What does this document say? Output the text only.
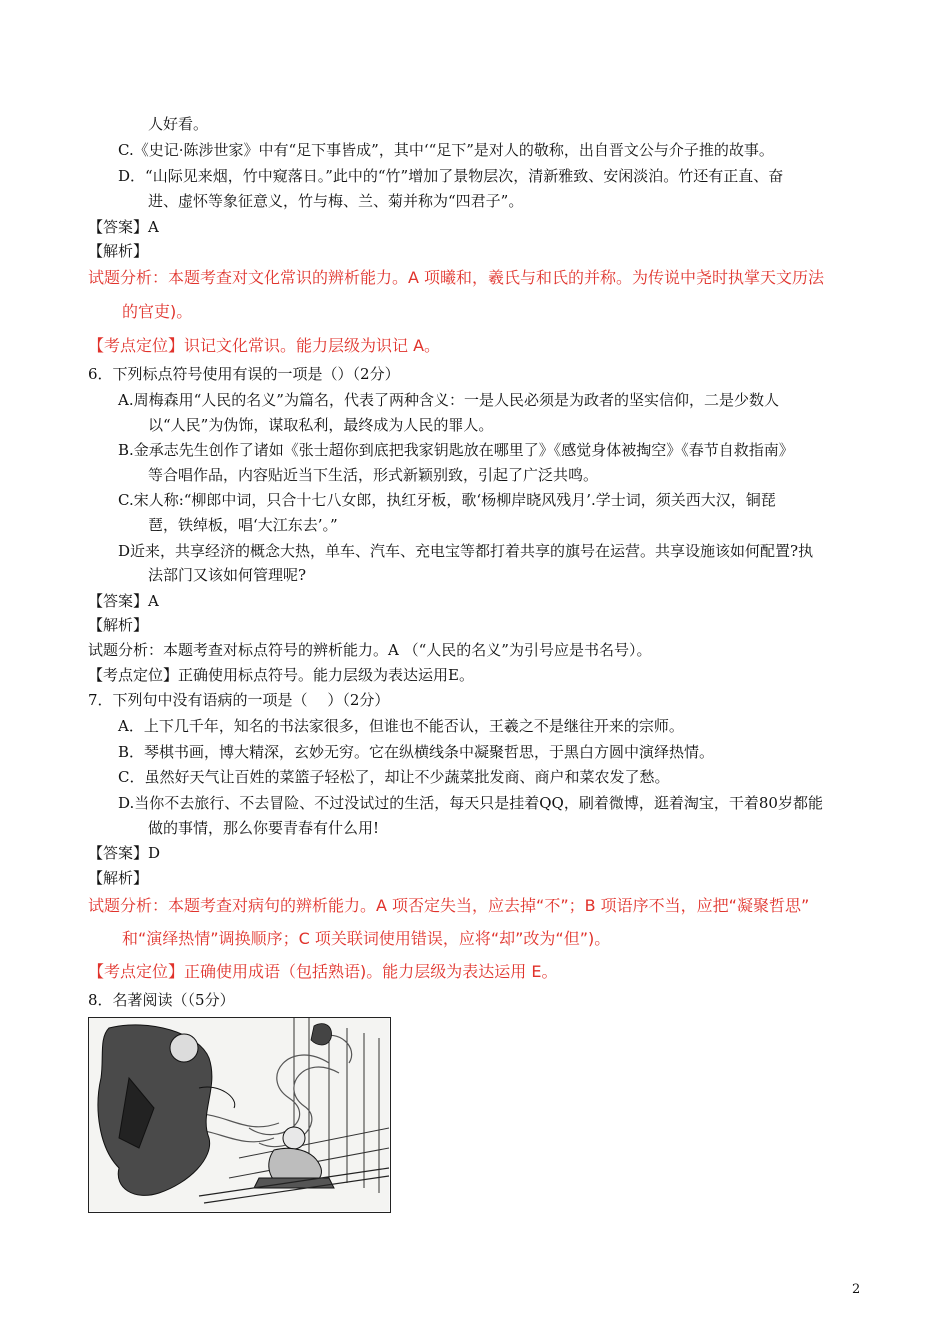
人好看。
C.《史记·陈涉世家》中有“足下事皆成”，其中‘“足下”是对人的敬称，出自晋文公与介子推的故事。
D．“山际见来烟，竹中窥落日。”此中的“竹”增加了景物层次，清新雅致、安闲淡泊。竹还有正直、奋
进、虚怀等象征意义，竹与梅、兰、菊并称为“四君子”。
【答案】A
【解析】
试题分析：本题考查对文化常识的辨析能力。A 项曦和，羲氏与和氏的并称。为传说中尧时执掌天文历法
的官吏)。
【考点定位】识记文化常识。能力层级为识记 A。
6．下列标点符号使用有误的一项是（）（2分）
A.周梅森用“人民的名义”为篇名，代表了两种含义：一是人民必须是为政者的坚实信仰，二是少数人
以“人民”为伪饰，谋取私利，最终成为人民的罪人。
B.金承志先生创作了诸如《张士超你到底把我家钥匙放在哪里了》《感觉身体被掏空》《春节自救指南》
等合唱作品，内容贴近当下生活，形式新颖别致，引起了广泛共鸣。
C.宋人称:“柳郎中词，只合十七八女郎，执红牙板，歌‘杨柳岸晓风残月’.学士词，须关西大汉，铜琵
琶，铁绰板，唱‘大江东去’。”
D近来，共享经济的概念大热，单车、汽车、充电宝等都打着共享的旗号在运营。共享设施该如何配置?执
法部门又该如何管理呢?
【答案】A
【解析】
试题分析：本题考查对标点符号的辨析能力。A （“人民的名义”为引号应是书名号）。
【考点定位】正确使用标点符号。能力层级为表达运用E。
7．下列句中没有语病的一项是（　 ）（2分）
A．上下几千年，知名的书法家很多，但谁也不能否认，王羲之不是继往开来的宗师。
B．琴棋书画，博大精深，玄妙无穷。它在纵横线条中凝聚哲思，于黑白方圆中演绎热情。
C．虽然好天气让百姓的菜篮子轻松了，却让不少蔬菜批发商、商户和菜农发了愁。
D.当你不去旅行、不去冒险、不过没试过的生活，每天只是挂着QQ，刷着微博，逛着淘宝，干着80岁都能
做的事情，那么你要青春有什么用!
【答案】D
【解析】
试题分析：本题考查对病句的辨析能力。A 项否定失当，应去掉“不”；B 项语序不当，应把“凝聚哲思”
和“演绎热情”调换顺序；C 项关联词使用错误，应将“却”改为“但”)。
【考点定位】正确使用成语（包括熟语)。能力层级为表达运用 E。
8．名著阅读（（5分）
2
